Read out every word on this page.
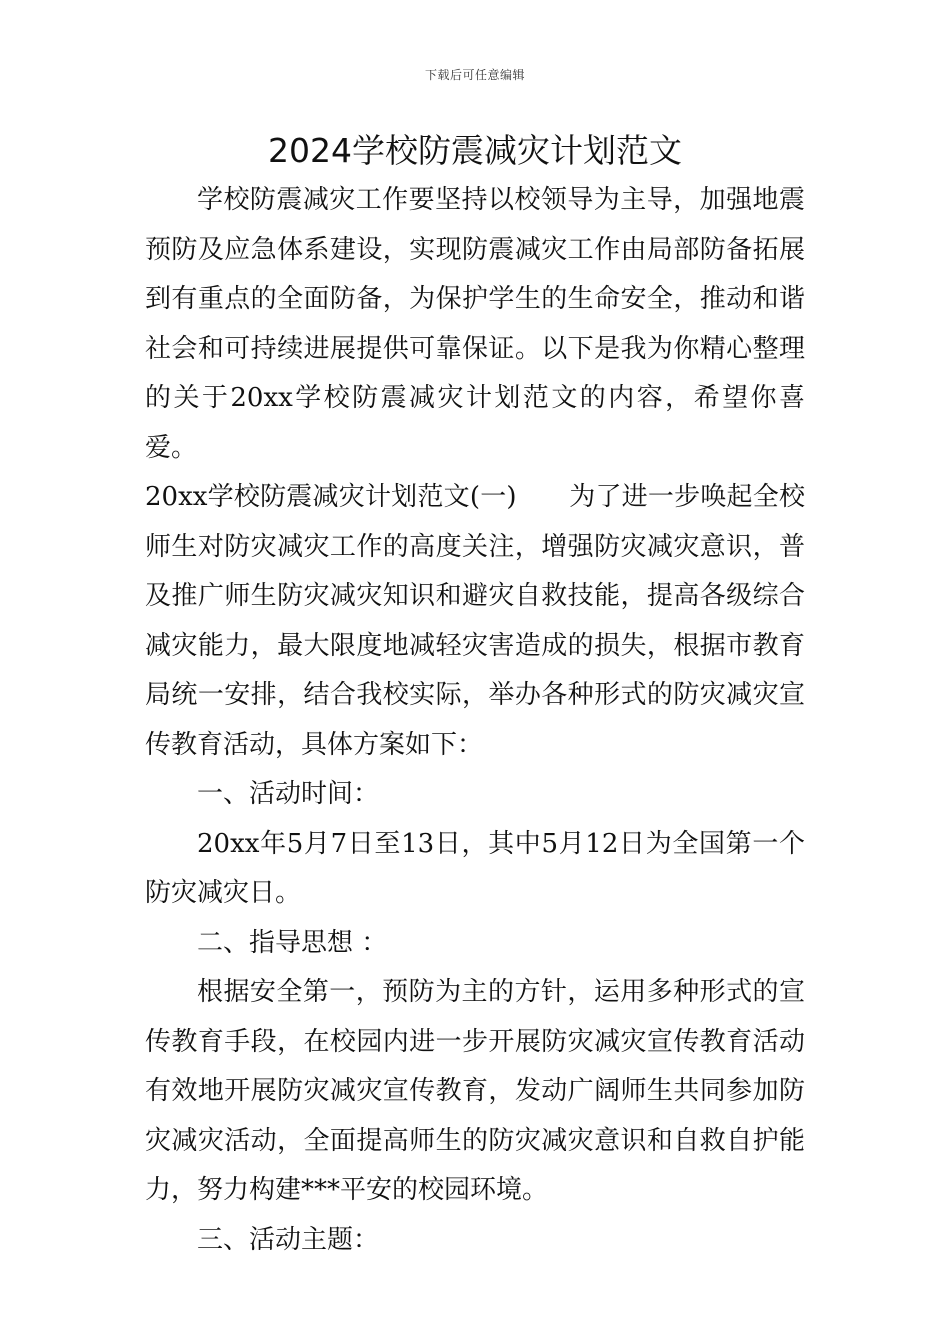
下载后可任意编辑
2024学校防震减灾计划范文

学校防震减灾工作要坚持以校领导为主导，加强地震预防及应急体系建设，实现防震减灾工作由局部防备拓展到有重点的全面防备，为保护学生的生命安全，推动和谐社会和可持续进展提供可靠保证。以下是我为你精心整理的关于20xx学校防震减灾计划范文的内容，希望你喜爱。

20xx学校防震减灾计划范文(一)　　为了进一步唤起全校师生对防灾减灾工作的高度关注，增强防灾减灾意识，普及推广师生防灾减灾知识和避灾自救技能，提高各级综合减灾能力，最大限度地减轻灾害造成的损失，根据市教育局统一安排，结合我校实际，举办各种形式的防灾减灾宣传教育活动，具体方案如下：

一、活动时间：

20xx年5月7日至13日，其中5月12日为全国第一个防灾减灾日。

二、指导思想 ：

根据安全第一，预防为主的方针，运用多种形式的宣传教育手段，在校园内进一步开展防灾减灾宣传教育活动有效地开展防灾减灾宣传教育，发动广阔师生共同参加防灾减灾活动，全面提高师生的防灾减灾意识和自救自护能力，努力构建***平安的校园环境。

三、活动主题：
